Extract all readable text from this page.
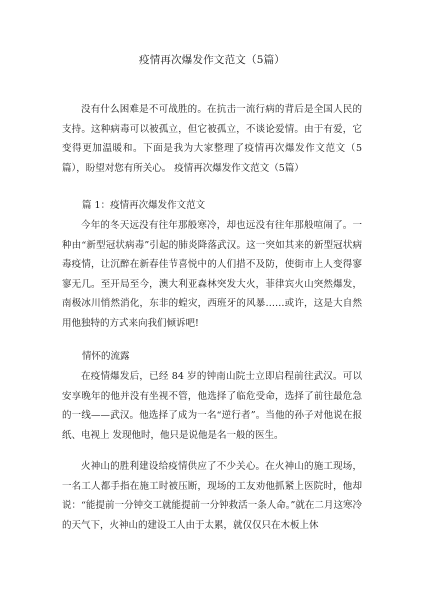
疫情再次爆发作文范文（5篇）

没有什么困难是不可战胜的。在抗击一流行病的背后是全国人民的支持。这种病毒可以被孤立，但它被孤立，不谈论爱情。由于有爱，它变得更加温暖和。下面是我为大家整理了疫情再次爆发作文范文（5篇），盼望对您有所关心。 疫情再次爆发作文范文（5篇）

篇 1：疫情再次爆发作文范文

今年的冬天远没有往年那般寒冷，却也远没有往年那般喧闹了。一种由“新型冠状病毒”引起的肺炎降落武汉。这一突如其来的新型冠状病毒疫情，让沉醉在新春佳节喜悦中的人们措不及防，使街市上人变得寥寥无几。至开局至今，澳大利亚森林突发大火，菲律宾火山突然爆发，南极冰川悄然消化，东非的蝗灾，西班牙的风暴……或许，这是大自然用他独特的方式来向我们倾诉吧!

情怀的流露

在疫情爆发后，已经 84 岁的钟南山院士立即启程前往武汉。可以安享晚年的他并没有坐视不管，他选择了临危受命，选择了前往最危急的一线——武汉。他选择了成为一名“逆行者”。当他的孙子对他说在报纸、电视上 发现他时，他只是说他是名一般的医生。

火神山的胜利建设给疫情供应了不少关心。在火神山的施工现场，一名工人都手指在施工时被压断，现场的工友劝他抓紧上医院时，他却说：“能提前一分钟交工就能提前一分钟救活一条人命。”就在二月这寒冷的天气下，火神山的建设工人由于太累，就仅仅只在木板上休
